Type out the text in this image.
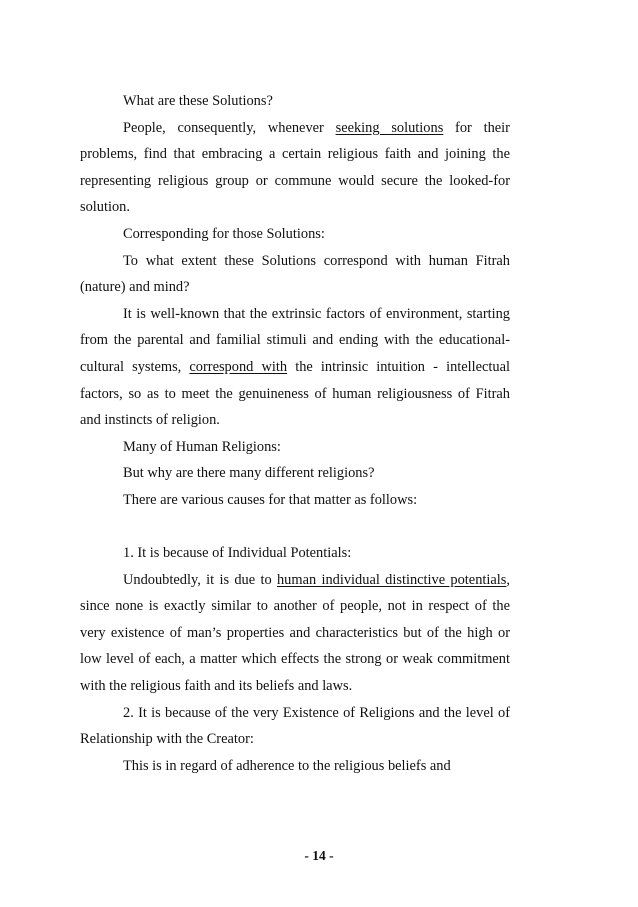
What are these Solutions?

People, consequently, whenever seeking solutions for their problems, find that embracing a certain religious faith and joining the representing religious group or commune would secure the looked-for solution.

Corresponding for those Solutions:

To what extent these Solutions correspond with human Fitrah (nature) and mind?

It is well-known that the extrinsic factors of environment, starting from the parental and familial stimuli and ending with the educational-cultural systems, correspond with the intrinsic intuition - intellectual factors, so as to meet the genuineness of human religiousness of Fitrah and instincts of religion.

Many of Human Religions:

But why are there many different religions?

There are various causes for that matter as follows:

1. It is because of Individual Potentials:

Undoubtedly, it is due to human individual distinctive potentials, since none is exactly similar to another of people, not in respect of the very existence of man’s properties and characteristics but of the high or low level of each, a matter which effects the strong or weak commitment with the religious faith and its beliefs and laws.

2. It is because of the very Existence of Religions and the level of Relationship with the Creator:

This is in regard of adherence to the religious beliefs and

- 14 -
